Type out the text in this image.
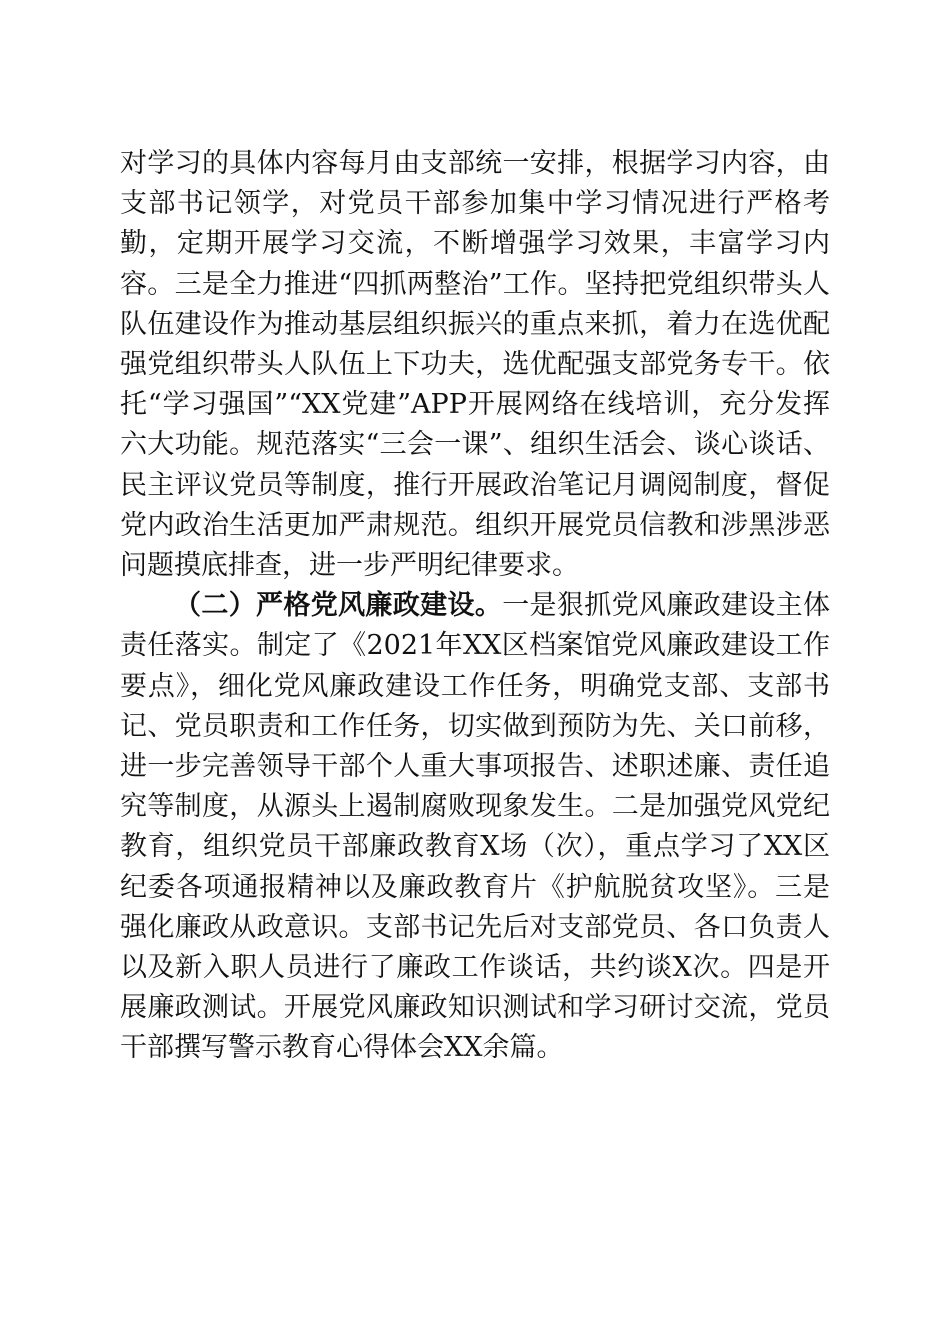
对学习的具体内容每月由支部统一安排，根据学习内容，由支部书记领学，对党员干部参加集中学习情况进行严格考勤，定期开展学习交流，不断增强学习效果，丰富学习内容。三是全力推进“四抓两整治”工作。坚持把党组织带头人队伍建设作为推动基层组织振兴的重点来抓，着力在选优配强党组织带头人队伍上下功夫，选优配强支部党务专干。依托“学习强国”“XX党建”APP开展网络在线培训，充分发挥六大功能。规范落实“三会一课”、组织生活会、谈心谈话、民主评议党员等制度，推行开展政治笔记月调阅制度，督促党内政治生活更加严肃规范。组织开展党员信教和涉黑涉恶问题摸底排查，进一步严明纪律要求。

（二）严格党风廉政建设。一是狠抓党风廉政建设主体责任落实。制定了《2021年XX区档案馆党风廉政建设工作要点》，细化党风廉政建设工作任务，明确党支部、支部书记、党员职责和工作任务，切实做到预防为先、关口前移，进一步完善领导干部个人重大事项报告、述职述廉、责任追究等制度，从源头上遏制腐败现象发生。二是加强党风党纪教育，组织党员干部廉政教育X场（次），重点学习了XX区纪委各项通报精神以及廉政教育片《护航脱贫攻坚》。三是强化廉政从政意识。支部书记先后对支部党员、各口负责人以及新入职人员进行了廉政工作谈话，共约谈X次。四是开展廉政测试。开展党风廉政知识测试和学习研讨交流，党员干部撰写警示教育心得体会XX余篇。
